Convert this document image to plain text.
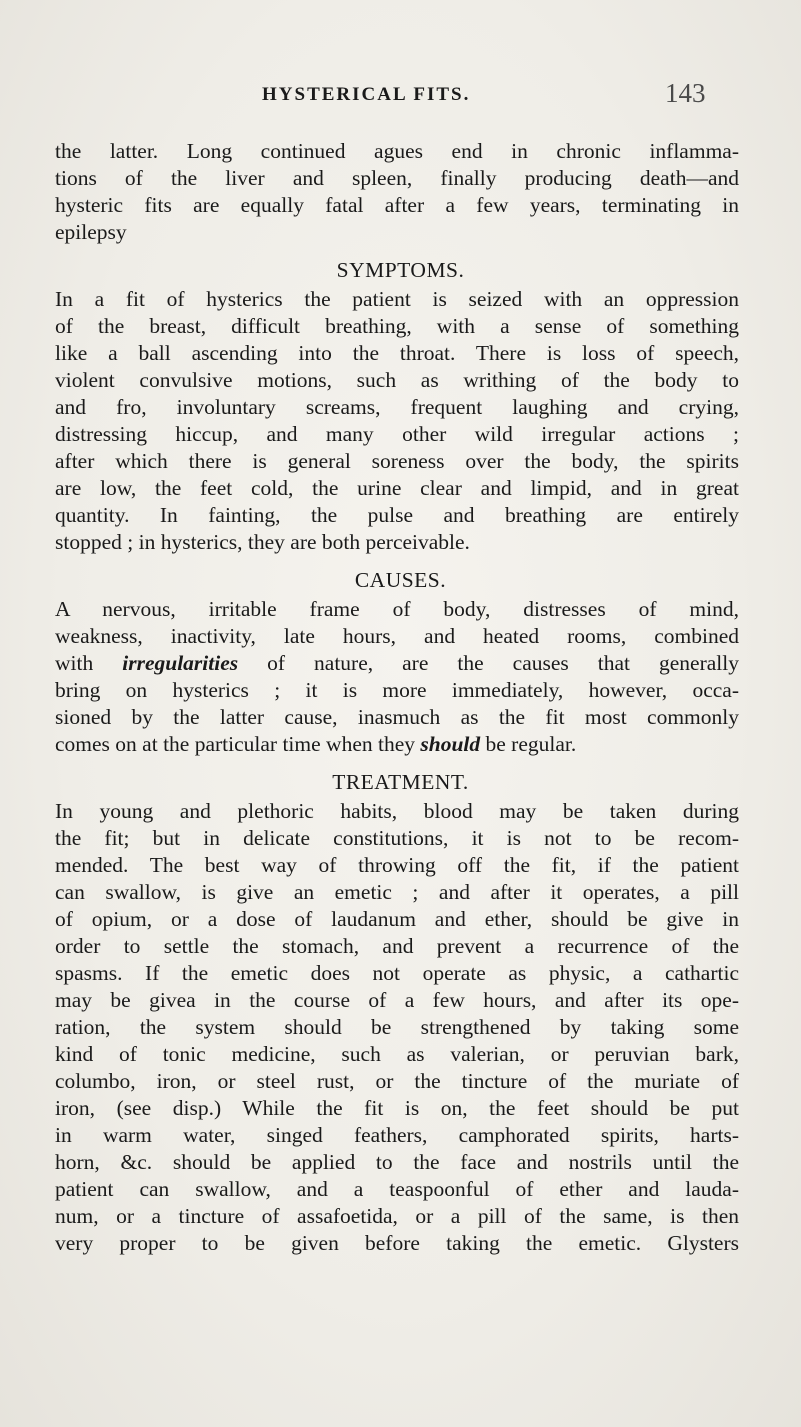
HYSTERICAL FITS.	143
the latter. Long continued agues end in chronic inflamma-
tions of the liver and spleen, finally producing death—and
hysteric fits are equally fatal after a few years, terminating in
epilepsy
SYMPTOMS.
In a fit of hysterics the patient is seized with an oppression
of the breast, difficult breathing, with a sense of something
like a ball ascending into the throat. There is loss of speech,
violent convulsive motions, such as writhing of the body to
and fro, involuntary screams, frequent laughing and crying,
distressing hiccup, and many other wild irregular actions ;
after which there is general soreness over the body, the spirits
are low, the feet cold, the urine clear and limpid, and in great
quantity. In fainting, the pulse and breathing are entirely
stopped ; in hysterics, they are both perceivable.
CAUSES.
A nervous, irritable frame of body, distresses of mind,
weakness, inactivity, late hours, and heated rooms, combined
with irregularities of nature, are the causes that generally
bring on hysterics ; it is more immediately, however, occa-
sioned by the latter cause, inasmuch as the fit most commonly
comes on at the particular time when they should be regular.
TREATMENT.
In young and plethoric habits, blood may be taken during
the fit; but in delicate constitutions, it is not to be recom-
mended. The best way of throwing off the fit, if the patient
can swallow, is give an emetic ; and after it operates, a pill
of opium, or a dose of laudanum and ether, should be give in
order to settle the stomach, and prevent a recurrence of the
spasms. If the emetic does not operate as physic, a cathartic
may be givea in the course of a few hours, and after its ope-
ration, the system should be strengthened by taking some
kind of tonic medicine, such as valerian, or peruvian bark,
columbo, iron, or steel rust, or the tincture of the muriate of
iron, (see disp.) While the fit is on, the feet should be put
in warm water, singed feathers, camphorated spirits, harts-
horn, &c. should be applied to the face and nostrils until the
patient can swallow, and a teaspoonful of ether and lauda-
num, or a tincture of assafoetida, or a pill of the same, is then
very proper to be given before taking the emetic. Glysters
